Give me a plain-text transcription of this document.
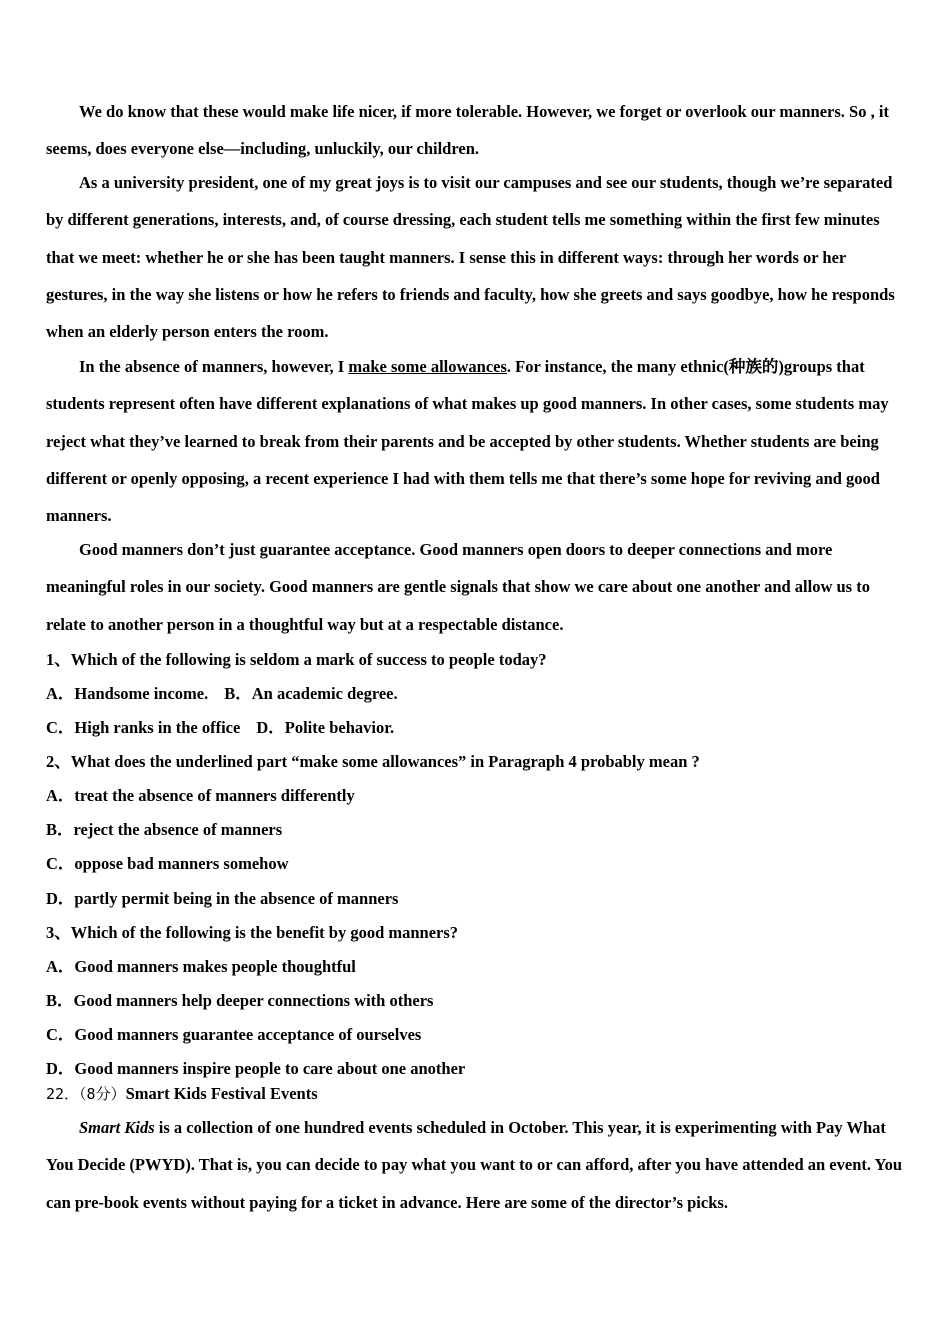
We do know that these would make life nicer, if more tolerable. However, we forget or overlook our manners. So , it seems, does everyone else—including, unluckily, our children.

As a university president, one of my great joys is to visit our campuses and see our students, though we’re separated by different generations, interests, and, of course dressing, each student tells me something within the first few minutes that we meet: whether he or she has been taught manners. I sense this in different ways: through her words or her gestures, in the way she listens or how he refers to friends and faculty, how she greets and says goodbye, how he responds when an elderly person enters the room.

In the absence of manners, however, I make some allowances. For instance, the many ethnic(种族的)groups that students represent often have different explanations of what makes up good manners. In other cases, some students may reject what they’ve learned to break from their parents and be accepted by other students. Whether students are being different or openly opposing, a recent experience I had with them tells me that there’s some hope for reviving and good manners.

Good manners don’t just guarantee acceptance. Good manners open doors to deeper connections and more meaningful roles in our society. Good manners are gentle signals that show we care about one another and allow us to relate to another person in a thoughtful way but at a respectable distance.

1、Which of the following is seldom a mark of success to people today?

A．Handsome income. B．An academic degree.

C．High ranks in the office D．Polite behavior.

2、What does the underlined part “make some allowances” in Paragraph 4 probably mean ?

A．treat the absence of manners differently

B．reject the absence of manners

C．oppose bad manners somehow

D．partly permit being in the absence of manners

3、Which of the following is the benefit by good manners?

A．Good manners makes people thoughtful

B．Good manners help deeper connections with others

C．Good manners guarantee acceptance of ourselves

D．Good manners inspire people to care about one another

22．（8分）Smart Kids Festival Events

Smart Kids is a collection of one hundred events scheduled in October. This year, it is experimenting with Pay What You Decide (PWYD). That is, you can decide to pay what you want to or can afford, after you have attended an event. You can pre-book events without paying for a ticket in advance. Here are some of the director’s picks.
